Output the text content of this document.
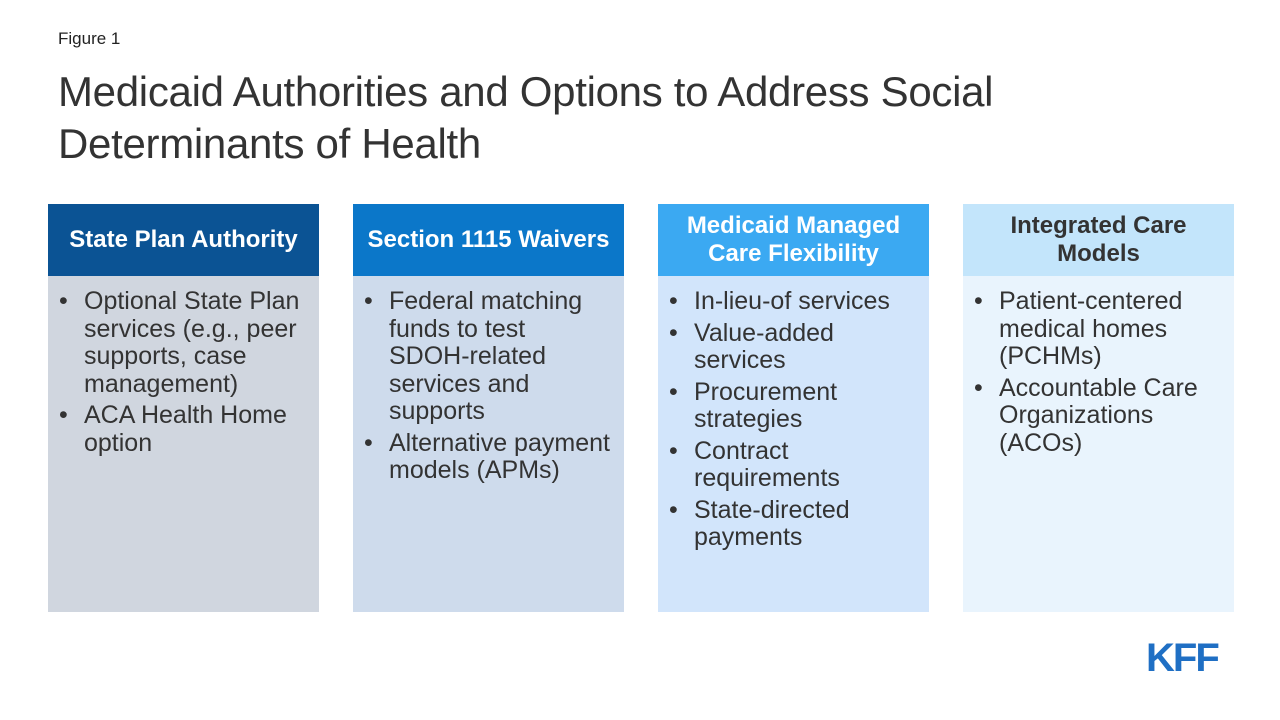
Figure 1
Medicaid Authorities and Options to Address Social Determinants of Health
State Plan Authority
• Optional State Plan services (e.g., peer supports, case management)
• ACA Health Home option
Section 1115 Waivers
• Federal matching funds to test SDOH-related services and supports
• Alternative payment models (APMs)
Medicaid Managed Care Flexibility
• In-lieu-of services
• Value-added services
• Procurement strategies
• Contract requirements
• State-directed payments
Integrated Care Models
• Patient-centered medical homes (PCHMs)
• Accountable Care Organizations (ACOs)
KFF
